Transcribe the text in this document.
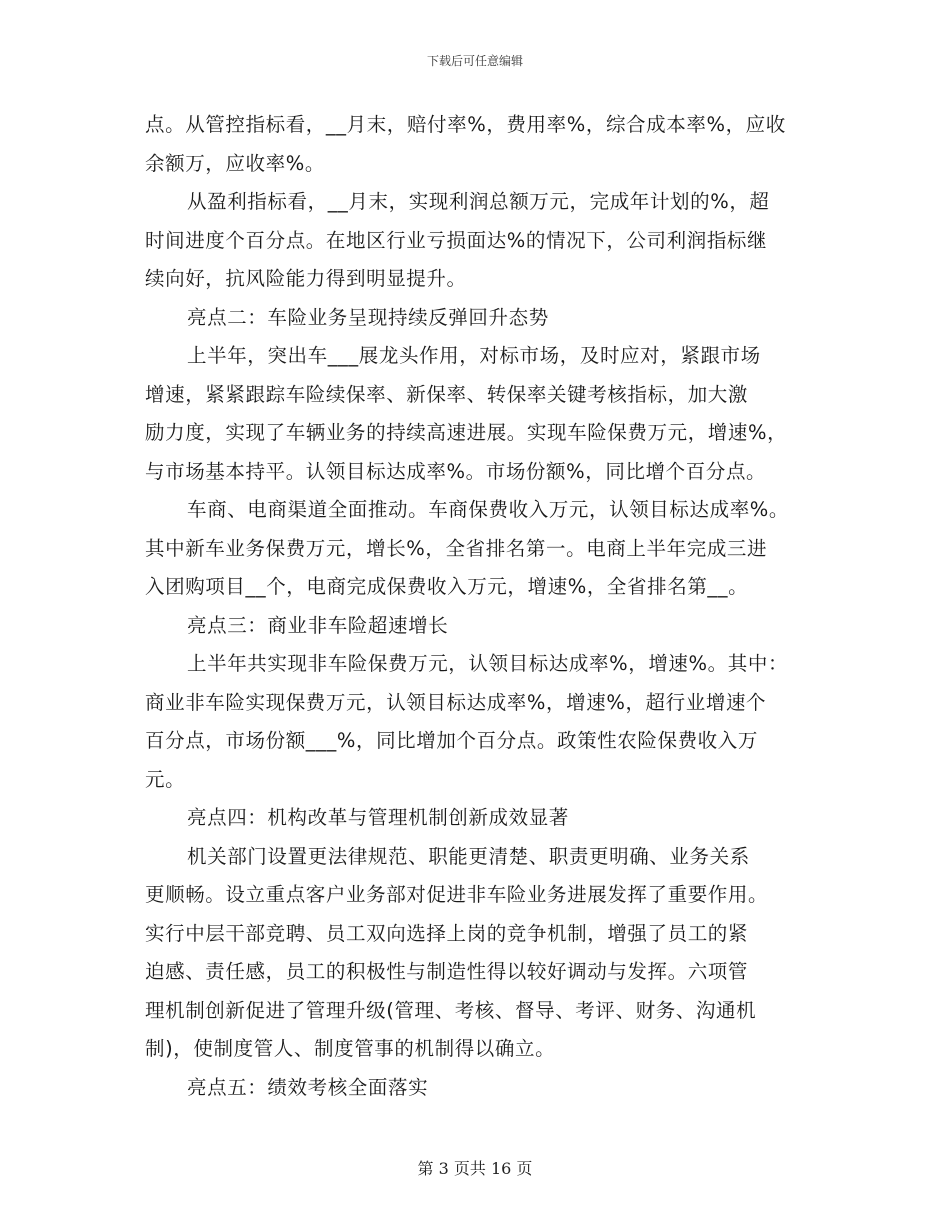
下载后可任意编辑
点。从管控指标看，__月末，赔付率%，费用率%，综合成本率%，应收
余额万，应收率%。
从盈利指标看，__月末，实现利润总额万元，完成年计划的%，超
时间进度个百分点。在地区行业亏损面达%的情况下，公司利润指标继
续向好，抗风险能力得到明显提升。
亮点二：车险业务呈现持续反弹回升态势
上半年，突出车___展龙头作用，对标市场，及时应对，紧跟市场
增速，紧紧跟踪车险续保率、新保率、转保率关键考核指标，加大激
励力度，实现了车辆业务的持续高速进展。实现车险保费万元，增速%，
与市场基本持平。认领目标达成率%。市场份额%，同比增个百分点。
车商、电商渠道全面推动。车商保费收入万元，认领目标达成率%。
其中新车业务保费万元，增长%，全省排名第一。电商上半年完成三进
入团购项目__个，电商完成保费收入万元，增速%，全省排名第__。
亮点三：商业非车险超速增长
上半年共实现非车险保费万元，认领目标达成率%，增速%。其中：
商业非车险实现保费万元，认领目标达成率%，增速%，超行业增速个
百分点，市场份额___%，同比增加个百分点。政策性农险保费收入万
元。
亮点四：机构改革与管理机制创新成效显著
机关部门设置更法律规范、职能更清楚、职责更明确、业务关系
更顺畅。设立重点客户业务部对促进非车险业务进展发挥了重要作用。
实行中层干部竞聘、员工双向选择上岗的竞争机制，增强了员工的紧
迫感、责任感，员工的积极性与制造性得以较好调动与发挥。六项管
理机制创新促进了管理升级(管理、考核、督导、考评、财务、沟通机
制)，使制度管人、制度管事的机制得以确立。
亮点五：绩效考核全面落实
第 3 页共 16 页
